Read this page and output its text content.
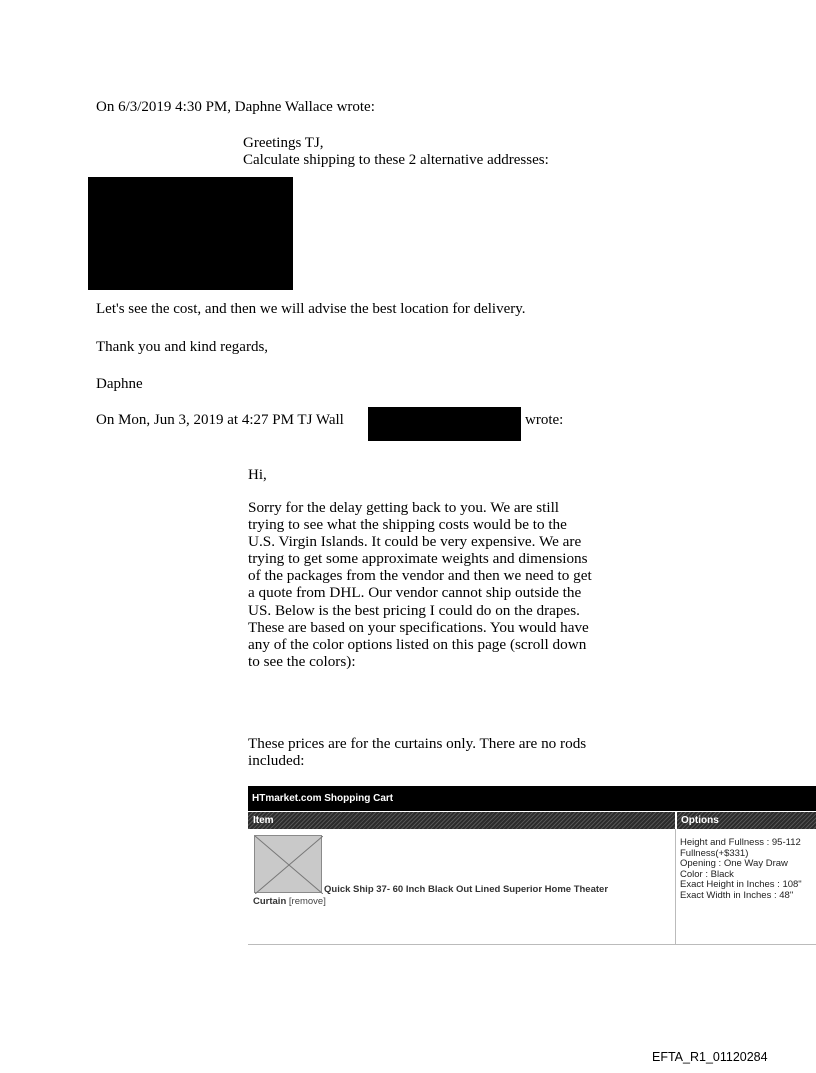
On 6/3/2019 4:30 PM, Daphne Wallace wrote:
Greetings TJ,
Calculate shipping to these 2 alternative addresses:
Let's see the cost, and then we will advise the best location for delivery.
Thank you and kind regards,
Daphne
On Mon, Jun 3, 2019 at 4:27 PM TJ Wall	wrote:
Hi,
Sorry for the delay getting back to you. We are still trying to see what the shipping costs would be to the U.S. Virgin Islands. It could be very expensive. We are trying to get some approximate weights and dimensions of the packages from the vendor and then we need to get a quote from DHL. Our vendor cannot ship outside the US. Below is the best pricing I could do on the drapes. These are based on your specifications. You would have any of the color options listed on this page (scroll down to see the colors):
These prices are for the curtains only. There are no rods included:
HTmarket.com Shopping Cart
Item	Options
Quick Ship 37- 60 Inch Black Out Lined Superior Home Theater
Curtain [remove]
Height and Fullness : 95-112
Fullness(+$331)
Opening : One Way Draw
Color : Black
Exact Height in Inches : 108"
Exact Width in Inches : 48"
EFTA_R1_01120284
